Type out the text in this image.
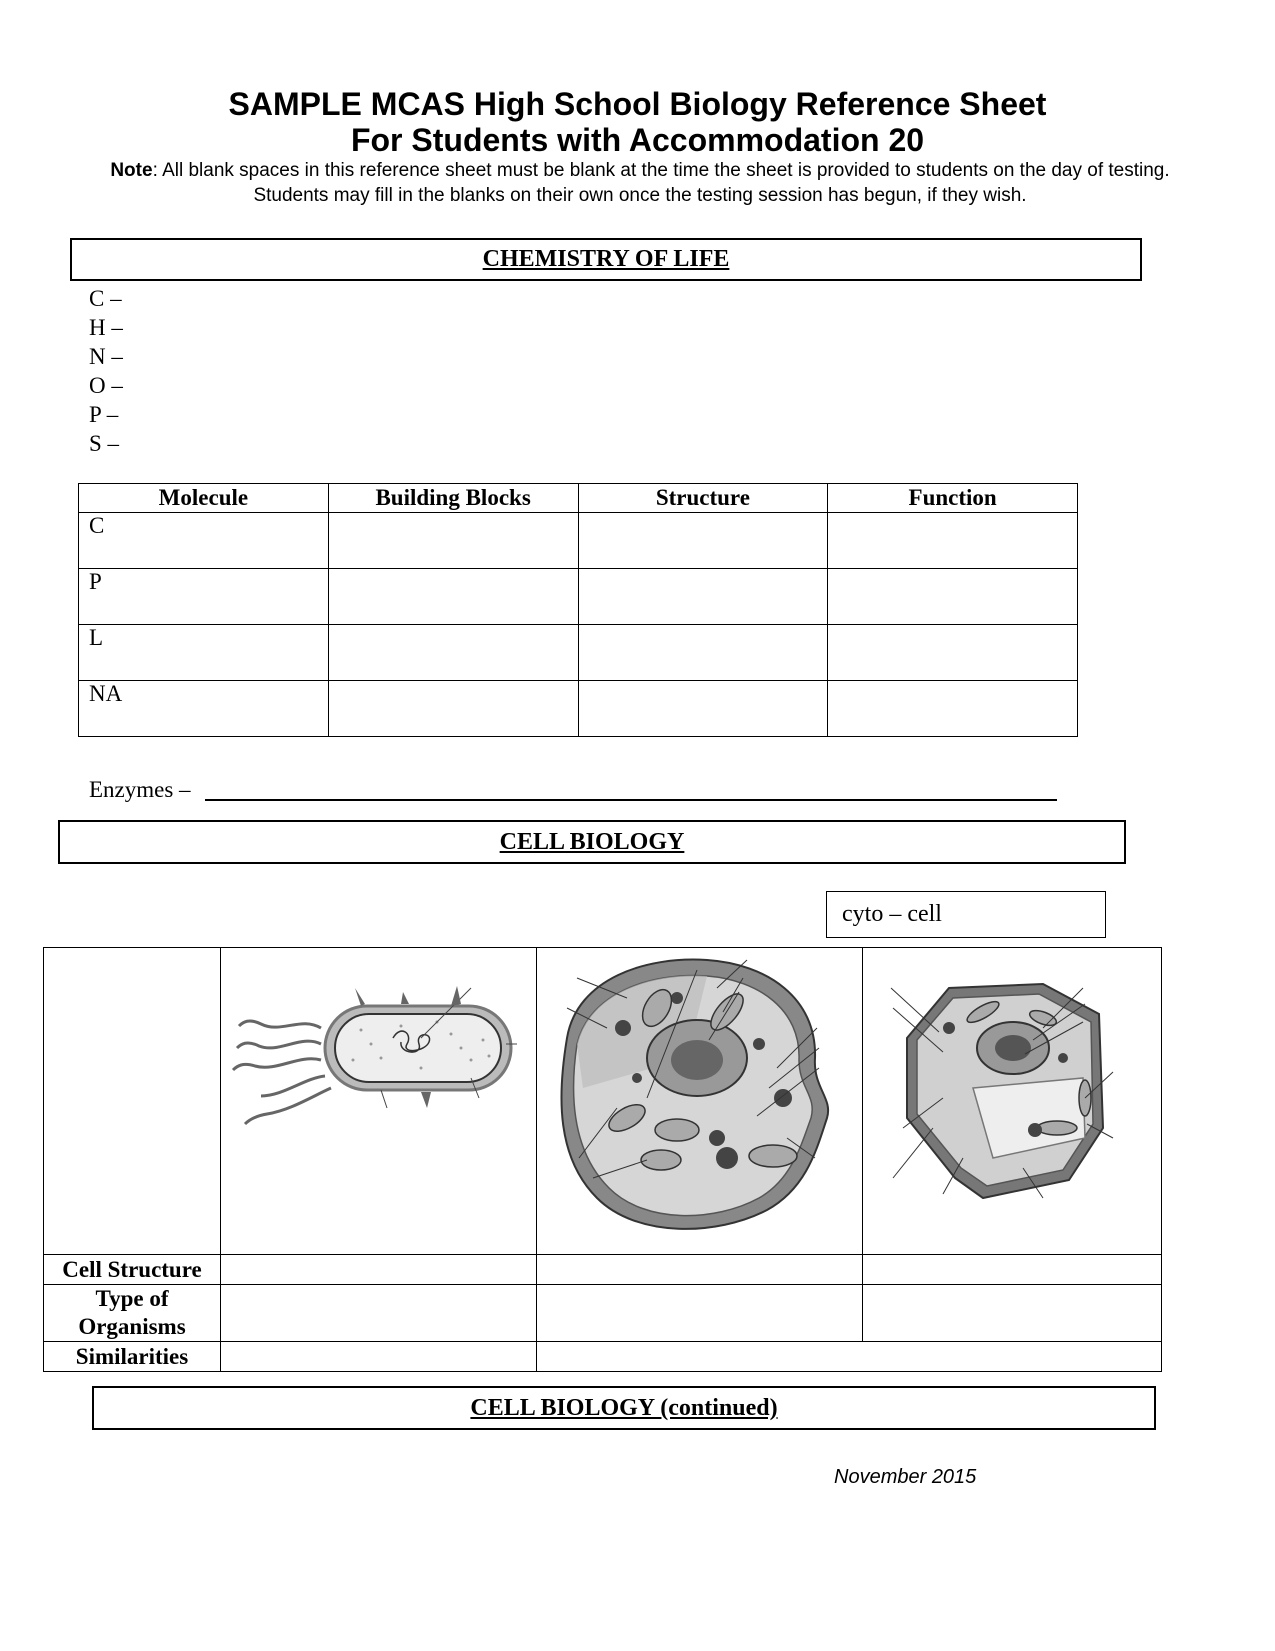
SAMPLE MCAS High School Biology Reference Sheet
For Students with Accommodation 20
Note: All blank spaces in this reference sheet must be blank at the time the sheet is provided to students on the day of testing. Students may fill in the blanks on their own once the testing session has begun, if they wish.
CHEMISTRY OF LIFE
C –
H –
N –
O –
P –
S –
Molecule	Building Blocks	Structure	Function
C			
P			
L			
NA			
Enzymes –
CELL BIOLOGY
cyto – cell

Cell Structure			

Type of
Organisms			

Similarities			
CELL BIOLOGY (continued)
November 2015
